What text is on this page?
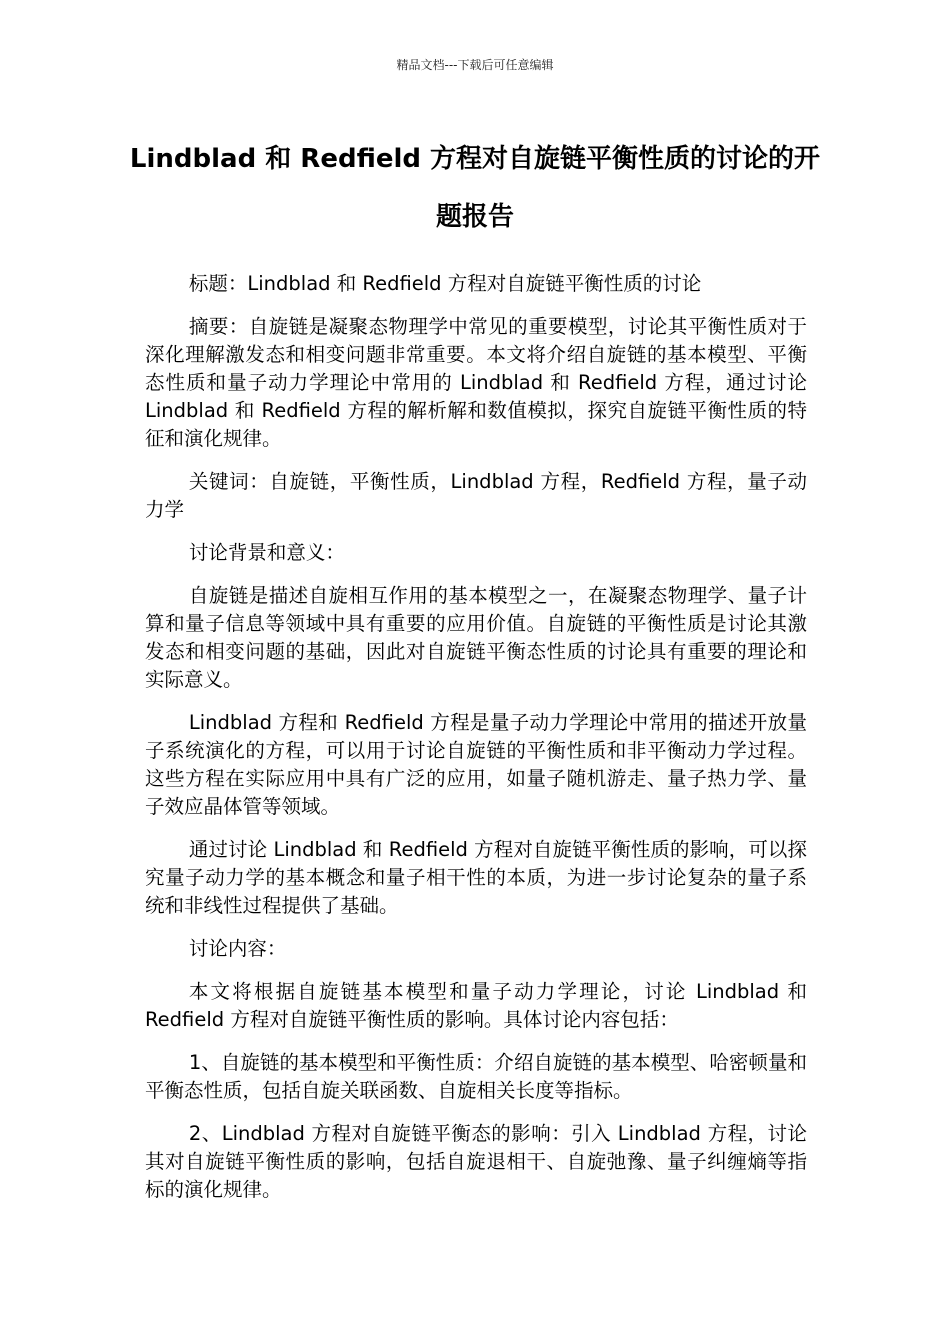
精品文档---下载后可任意编辑
Lindblad 和 Redfield 方程对自旋链平衡性质的讨论的开题报告

标题：Lindblad 和 Redfield 方程对自旋链平衡性质的讨论

摘要：自旋链是凝聚态物理学中常见的重要模型，讨论其平衡性质对于深化理解激发态和相变问题非常重要。本文将介绍自旋链的基本模型、平衡态性质和量子动力学理论中常用的 Lindblad 和 Redfield 方程，通过讨论 Lindblad 和 Redfield 方程的解析解和数值模拟，探究自旋链平衡性质的特征和演化规律。

关键词：自旋链，平衡性质，Lindblad 方程，Redfield 方程，量子动力学

讨论背景和意义：

自旋链是描述自旋相互作用的基本模型之一，在凝聚态物理学、量子计算和量子信息等领域中具有重要的应用价值。自旋链的平衡性质是讨论其激发态和相变问题的基础，因此对自旋链平衡态性质的讨论具有重要的理论和实际意义。

Lindblad 方程和 Redfield 方程是量子动力学理论中常用的描述开放量子系统演化的方程，可以用于讨论自旋链的平衡性质和非平衡动力学过程。这些方程在实际应用中具有广泛的应用，如量子随机游走、量子热力学、量子效应晶体管等领域。

通过讨论 Lindblad 和 Redfield 方程对自旋链平衡性质的影响，可以探究量子动力学的基本概念和量子相干性的本质，为进一步讨论复杂的量子系统和非线性过程提供了基础。

讨论内容：

本文将根据自旋链基本模型和量子动力学理论，讨论 Lindblad 和 Redfield 方程对自旋链平衡性质的影响。具体讨论内容包括：

1、自旋链的基本模型和平衡性质：介绍自旋链的基本模型、哈密顿量和平衡态性质，包括自旋关联函数、自旋相关长度等指标。

2、Lindblad 方程对自旋链平衡态的影响：引入 Lindblad 方程，讨论其对自旋链平衡性质的影响，包括自旋退相干、自旋弛豫、量子纠缠熵等指标的演化规律。
